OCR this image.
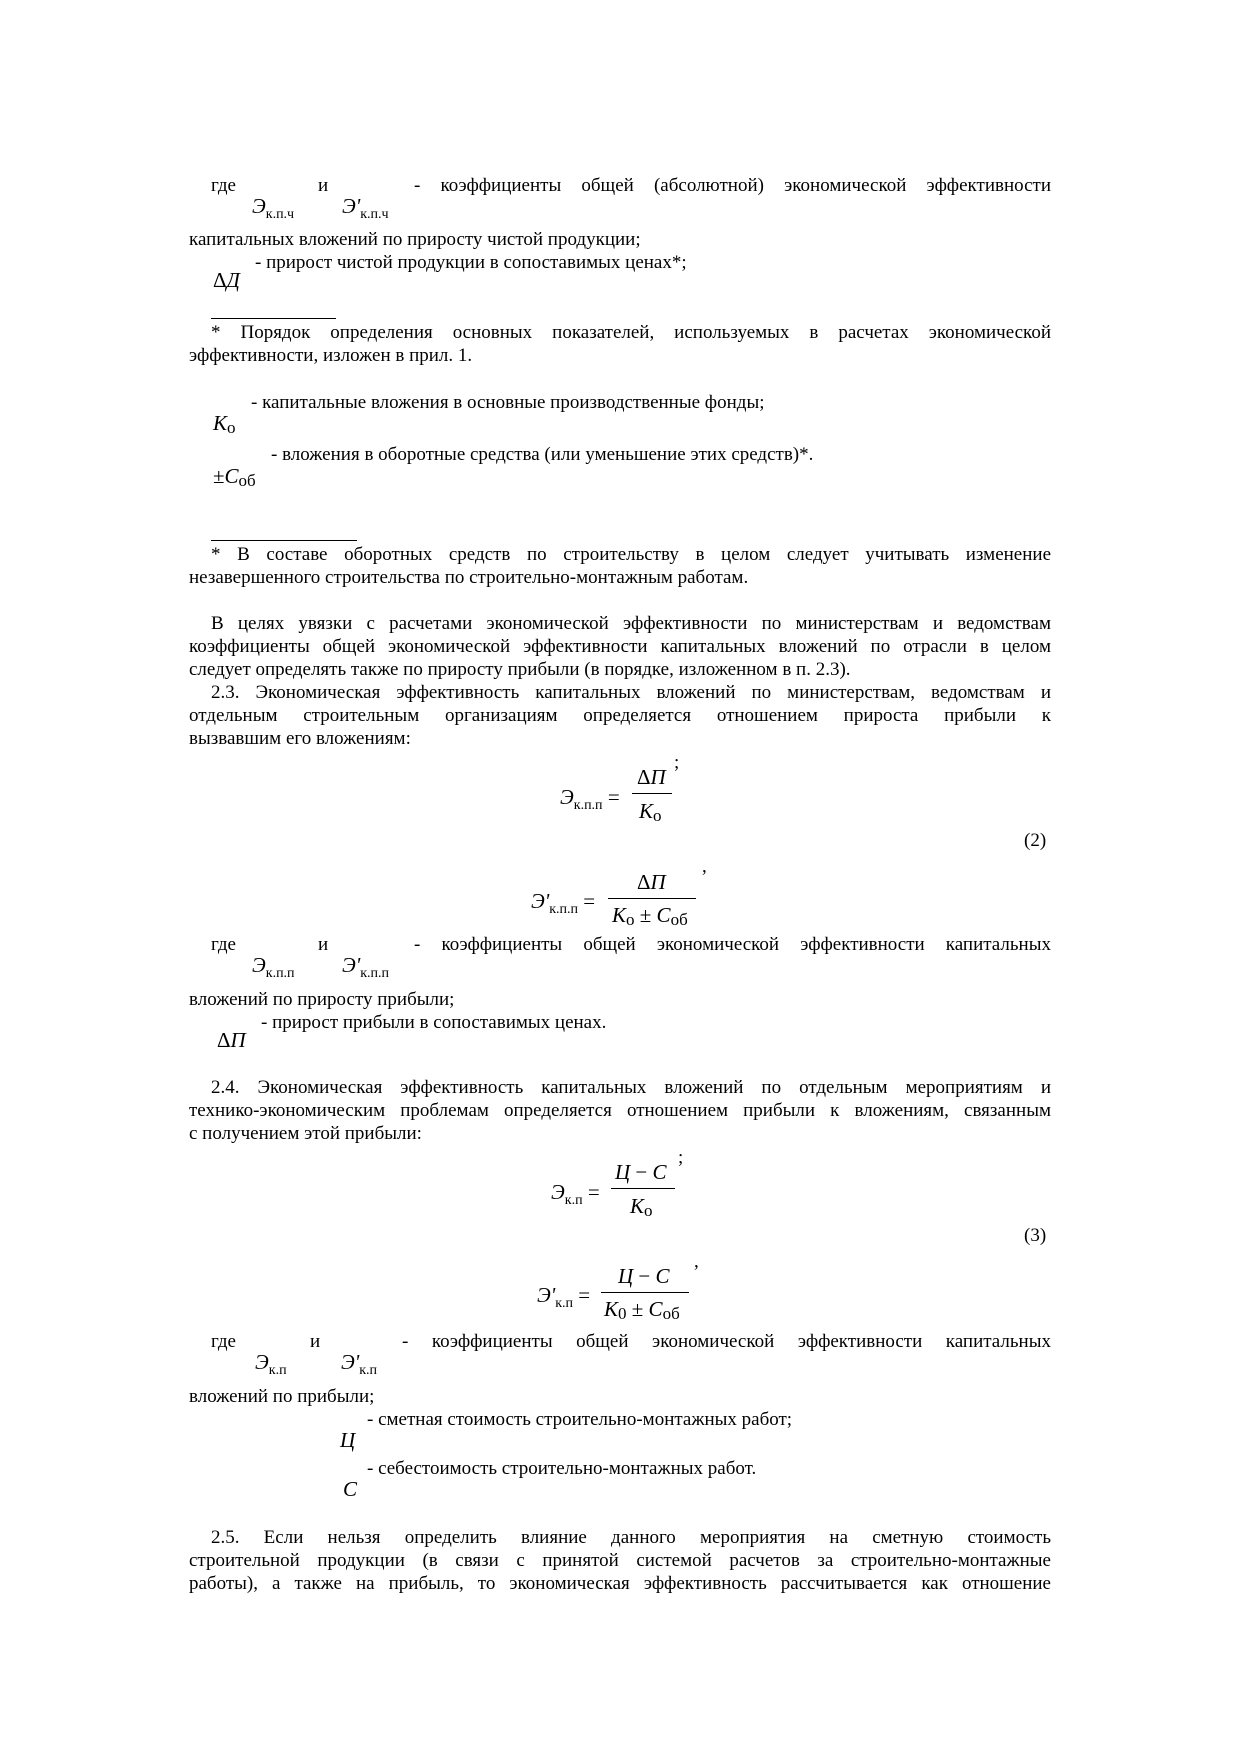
где	и	- коэффициенты общей (абсолютной) экономической эффективности
$Э_{к.п.ч}$ $Э'_{к.п.ч}$
капитальных вложений по приросту чистой продукции;
- прирост чистой продукции в сопоставимых ценах*;
ΔД
* Порядок определения основных показателей, используемых в расчетах экономической
эффективности, изложен в прил. 1.
- капитальные вложения в основные производственные фонды;
Kо
- вложения в оборотные средства (или уменьшение этих средств)*.
±Cоб
* В составе оборотных средств по строительству в целом следует учитывать изменение
незавершенного строительства по строительно-монтажным работам.
В целях увязки с расчетами экономической эффективности по министерствам и ведомствам
коэффициенты общей экономической эффективности капитальных вложений по отрасли в целом
следует определять также по приросту прибыли (в порядке, изложенном в п. 2.3).
2.3. Экономическая эффективность капитальных вложений по министерствам, ведомствам и
отдельным строительным организациям определяется отношением прироста прибыли к
вызвавшим его вложениям:
;
$Э_{к.п.п}$ =
ΔП
Kо
(2)
,
$Э'_{к.п.п}$ =
ΔП
Kо ± Cоб
где	и	- коэффициенты общей экономической эффективности капитальных
$Э_{к.п.п}$ $Э'_{к.п.п}$
вложений по приросту прибыли;
- прирост прибыли в сопоставимых ценах.
ΔП
2.4. Экономическая эффективность капитальных вложений по отдельным мероприятиям и
технико-экономическим проблемам определяется отношением прибыли к вложениям, связанным
с получением этой прибыли:
;
$Э_{к.п}$ =
Ц − C
Kо
(3)
,
$Э'_{к.п}$ =
Ц − C
K0 ± Cоб
где	и	- коэффициенты общей экономической эффективности капитальных
$Э_{к.п}$	$Э'_{к.п}$
вложений по прибыли;
- сметная стоимость строительно-монтажных работ;
Ц
- себестоимость строительно-монтажных работ.
C
2.5. Если нельзя определить влияние данного мероприятия на сметную стоимость
строительной продукции (в связи с принятой системой расчетов за строительно-монтажные
работы), а также на прибыль, то экономическая эффективность рассчитывается как отношение
